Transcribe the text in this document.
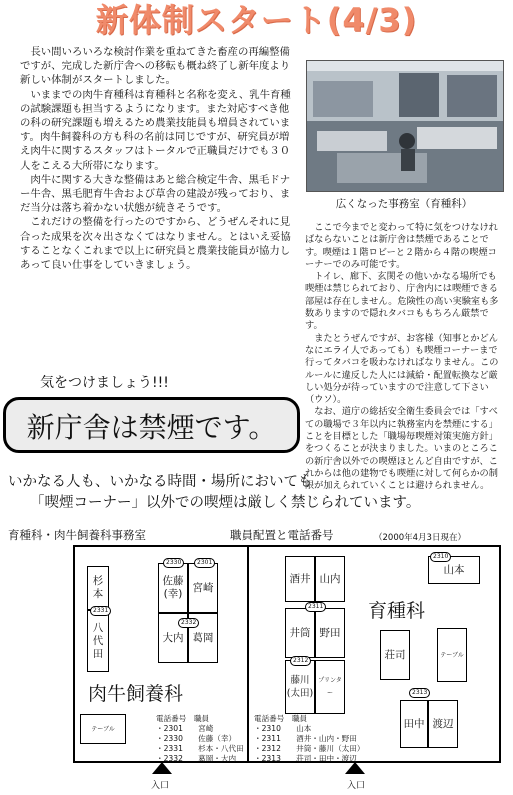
新体制スタート(4/3)

長い間いろいろな検討作業を重ねてきた畜産の再編整備ですが、完成した新庁舎への移転も概ね終了し新年度より新しい体制がスタートしました。

いままでの肉牛育種科は育種科と名称を変え、乳牛育種の試験課題も担当するようになります。また対応すべき他の科の研究課題も増えるため農業技能員も増員されています。肉牛飼養科の方も科の名前は同じですが、研究員が増え肉牛に関するスタッフはトータルで正職員だけでも３０人をこえる大所帯になります。

肉牛に関する大きな整備はあと総合検定牛舎、黒毛ドナー牛舎、黒毛肥育牛舎および草舎の建設が残っており、まだ当分は落ち着かない状態が続きそうです。

これだけの整備を行ったのですから、どうぜんそれに見合った成果を次々出さなくてはなりません。とはいえ妥協することなくこれまで以上に研究員と農業技能員が協力しあって良い仕事をしていきましょう。

広くなった事務室（育種科）

ここで今までと変わって特に気をつけなければならないことは新庁舎は禁煙であることです。喫煙は１階ロビーと２階から４階の喫煙コーナーでのみ可能です。

トイレ、廊下、玄関その他いかなる場所でも喫煙は禁じられており、庁舎内には喫煙できる部屋は存在しません。危険性の高い実験室も多数ありますので隠れタバコももちろん厳禁です。

またとうぜんですが、お客様（知事とかどんなにエライ人であっても）も喫煙コーナーまで行ってタバコを吸わなければなりません。このルールに違反した人には減給・配置転換など厳しい処分が待っていますので注意して下さい（ウソ）。

なお、道庁の総括安全衛生委員会では「すべての職場で３年以内に執務室内を禁煙にする」ことを目標とした「職場毎喫煙対策実施方針」をつくることが決まりました。いまのところこの新庁舎以外での喫煙ほとんど自由ですが、これからは他の建物でも喫煙に対して何らかの制限が加えられていくことは避けられません。

気をつけましょう!!!
新庁舎は禁煙です。
いかなる人も、いかなる時間・場所においても
「喫煙コーナー」以外での喫煙は厳しく禁じられています。
育種科・肉牛飼養科事務室	職員配置と電話番号	（2000年4月3日現在）
杉本
八代田
佐藤
(幸)
宮崎
大内 葛岡
2330	2301
2331
2332
肉牛飼養科
テーブル
電話番号　職員
・2301　　宮崎
・2330　　佐藤（幸）
・2331　　杉本・八代田
・2332　　葛岡・大内
酒井 山内
井筒 野田
藤川
(太田)
プリンター
2311
2312
山本
2310
育種科
荘司	テーブル
2313
田中 渡辺
電話番号　職員
・2310　　山本
・2311　　酒井・山内・野田
・2312　　井筒・藤川（太田）
・2313　　荘司・田中・渡辺
入口	入口
